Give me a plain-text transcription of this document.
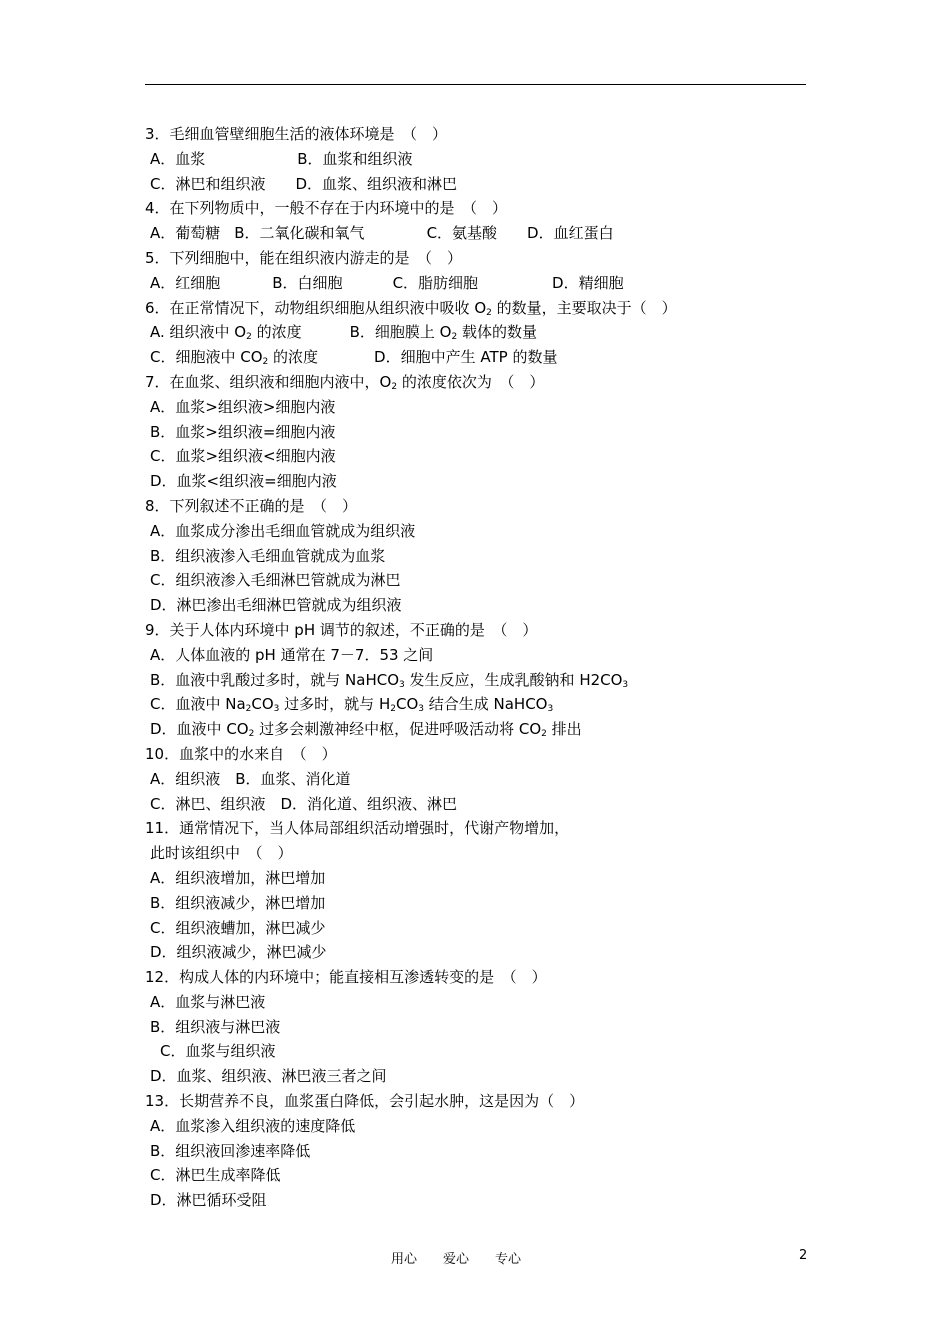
3．毛细血管壁细胞生活的液体环境是　（　）
A．血浆	B．血浆和组织液
C．淋巴和组织液 D．血浆、组织液和淋巴
4．在下列物质中，一般不存在于内环境中的是　（　）
A．葡萄糖 B．二氧化碳和氧气	C．氨基酸 D．血红蛋白
5．下列细胞中，能在组织液内游走的是　（　）
A．红细胞	B．白细胞	C．脂肪细胞	D．精细胞
6．在正常情况下，动物组织细胞从组织液中吸收 $O_2$ 的数量，主要取决于（　）
A. 组织液中 $O_2$ 的浓度	B．细胞膜上 $O_2$ 载体的数量
C．细胞液中 $CO_2$ 的浓度	D．细胞中产生 ATP 的数量
7．在血浆、组织液和细胞内液中，$O_2$ 的浓度依次为　（　）
A．血浆>组织液>细胞内液
B．血浆>组织液=细胞内液
C．血浆>组织液<细胞内液
D．血浆<组织液=细胞内液
8．下列叙述不正确的是　（　）
A．血浆成分渗出毛细血管就成为组织液
B．组织液渗入毛细血管就成为血浆
C．组织液渗入毛细淋巴管就成为淋巴
D．淋巴渗出毛细淋巴管就成为组织液
9．关于人体内环境中 pH 调节的叙述，不正确的是　（　）
A．人体血液的 pH 通常在 7－7．53 之间
B．血液中乳酸过多时，就与 NaHCO$_3$ 发生反应，生成乳酸钠和 $H2CO_3$
C．血液中 $Na_2CO_3$ 过多时，就与 $H_2CO_3$ 结合生成 NaHCO$_3$
D．血液中 $CO_2$ 过多会刺激神经中枢，促进呼吸活动将 $CO_2$ 排出
10．血浆中的水来自　（　）
A．组织液　B．血浆、消化道
C．淋巴、组织液　D．消化道、组织液、淋巴
11．通常情况下，当人体局部组织活动增强时，代谢产物增加，
此时该组织中　（　）
A．组织液增加，淋巴增加
B．组织液减少，淋巴增加
C．组织液螬加，淋巴减少
D．组织液减少，淋巴减少
12．构成人体的内环境中；能直接相互渗透转变的是　（　）
A．血浆与淋巴液
B．组织液与淋巴液
C．血浆与组织液
D．血浆、组织液、淋巴液三者之间
13．长期营养不良，血浆蛋白降低，会引起水肿，这是因为（　）
A．血浆渗入组织液的速度降低
B．组织液回渗速率降低
C．淋巴生成率降低
D．淋巴循环受阻
用心　　爱心　　专心	2
